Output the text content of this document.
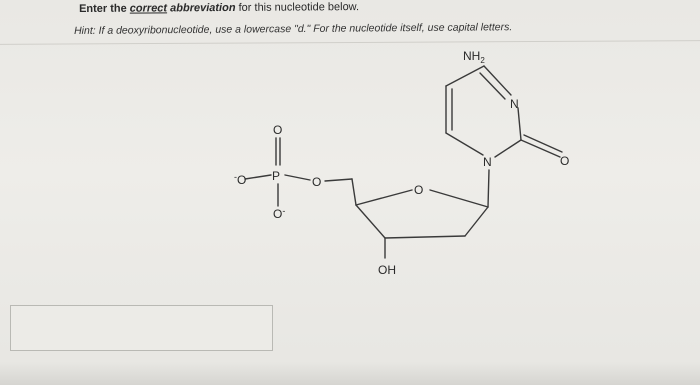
Enter the correct abbreviation for this nucleotide below.
Hint: If a deoxyribonucleotide, use a lowercase "d." For the nucleotide itself, use capital letters.
$NH_2$
N
N	O
O
O
P
O
-O
O-
OH
